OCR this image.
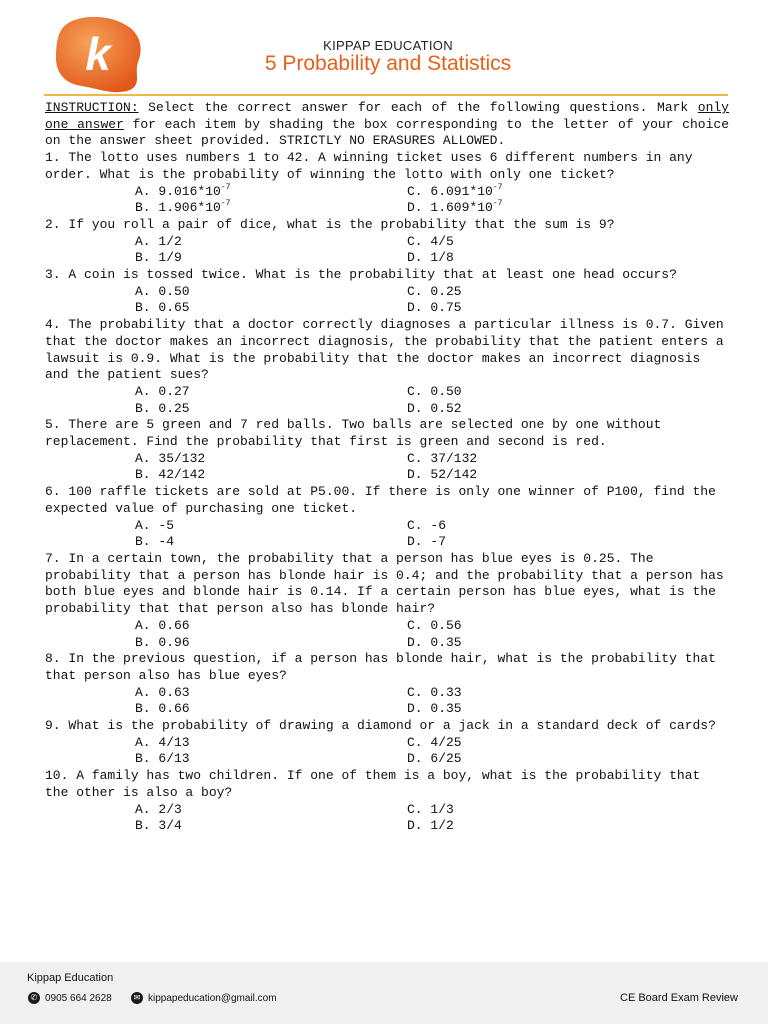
k	KIPPAP EDUCATION
5 Probability and Statistics

INSTRUCTION: Select the correct answer for each of the following questions. Mark only one answer for each item by shading the box corresponding to the letter of your choice on the answer sheet provided. STRICTLY NO ERASURES ALLOWED.

1. The lotto uses numbers 1 to 42. A winning ticket uses 6 different numbers in any order. What is the probability of winning the lotto with only one ticket?

A. $9.016*10^{-7}$	C. $6.091*10^{-7}$
B. $1.906*10^{-7}$	D. $1.609*10^{-7}$

2. If you roll a pair of dice, what is the probability that the sum is 9?

A. 1/2	C. 4/5
B. 1/9	D. 1/8

3. A coin is tossed twice. What is the probability that at least one head occurs?

A. 0.50	C. 0.25
B. 0.65	D. 0.75

4. The probability that a doctor correctly diagnoses a particular illness is 0.7. Given that the doctor makes an incorrect diagnosis, the probability that the patient enters a lawsuit is 0.9. What is the probability that the doctor makes an incorrect diagnosis and the patient sues?

A. 0.27	C. 0.50
B. 0.25	D. 0.52

5. There are 5 green and 7 red balls. Two balls are selected one by one without replacement. Find the probability that first is green and second is red.

A. 35/132	C. 37/132
B. 42/142	D. 52/142

6. 100 raffle tickets are sold at P5.00. If there is only one winner of P100, find the expected value of purchasing one ticket.

A. -5	C. -6
B. -4	D. -7

7. In a certain town, the probability that a person has blue eyes is 0.25. The probability that a person has blonde hair is 0.4; and the probability that a person has both blue eyes and blonde hair is 0.14. If a certain person has blue eyes, what is the probability that that person also has blonde hair?

A. 0.66	C. 0.56
B. 0.96	D. 0.35

8. In the previous question, if a person has blonde hair, what is the probability that that person also has blue eyes?

A. 0.63	C. 0.33
B. 0.66	D. 0.35

9. What is the probability of drawing a diamond or a jack in a standard deck of cards?

A. 4/13	C. 4/25
B. 6/13	D. 6/25

10. A family has two children. If one of them is a boy, what is the probability that the other is also a boy?

A. 2/3	C. 1/3
B. 3/4	D. 1/2
Kippap Education
✆ 0905 664 2628	✉ kippapeducation@gmail.com	CE Board Exam Review
